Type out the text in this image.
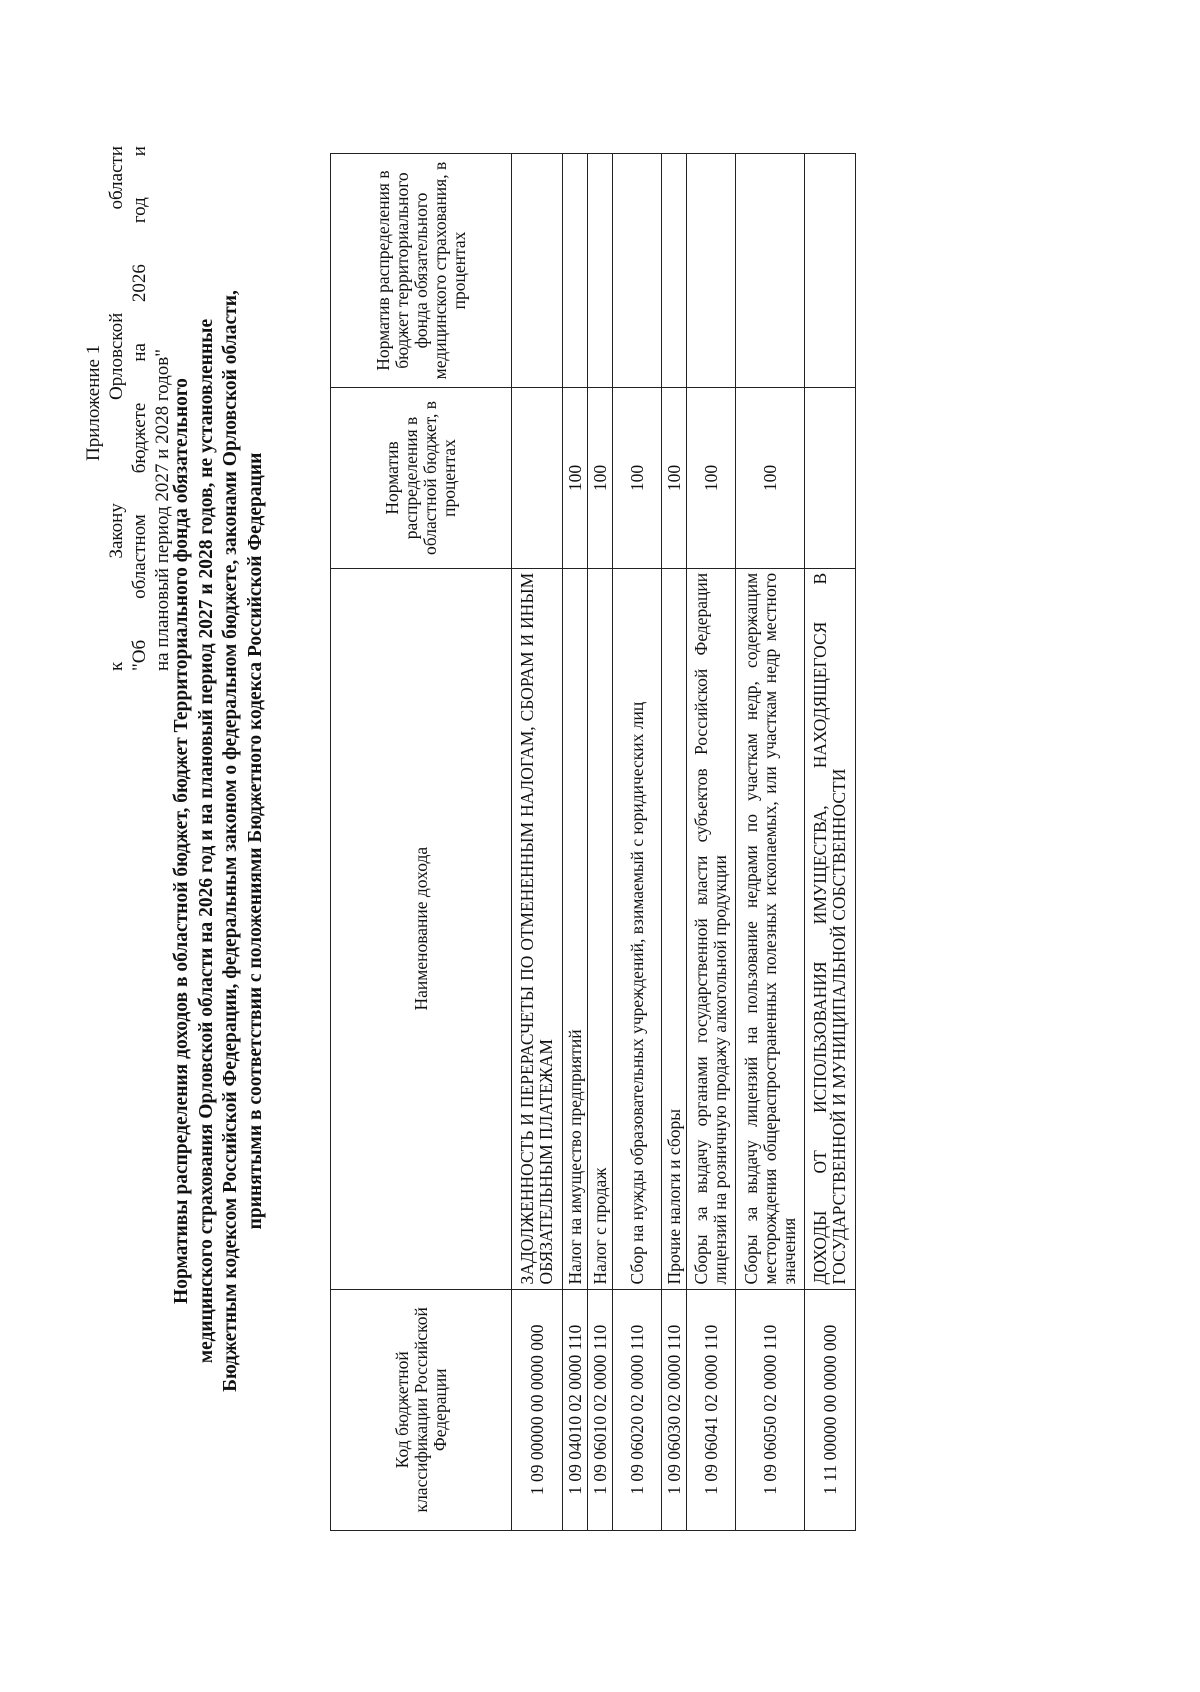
Приложение 1
к
Закону
Орловской
области
"Об
областном
бюджете
на
2026
год
и
на плановый период 2027 и 2028 годов"
Нормативы распределения доходов в областной бюджет, бюджет Территориального фонда обязательного медицинского страхования Орловской области на 2026 год и на плановый период 2027 и 2028 годов, не установленные Бюджетным кодексом Российской Федерации, федеральным законом о федеральном бюджете, законами Орловской области, принятыми в соответствии с положениями Бюджетного кодекса Российской Федерации
Код бюджетной классификации Российской Федерации	Наименование дохода	Норматив распределения в областной бюджет, в процентах	Норматив распределения в бюджет территориального фонда обязательного медицинского страхования, в процентах
1 09 00000 00 0000 000	ЗАДОЛЖЕННОСТЬ И ПЕРЕРАСЧЕТЫ ПО ОТМЕНЕННЫМ НАЛОГАМ, СБОРАМ И ИНЫМ ОБЯЗАТЕЛЬНЫМ ПЛАТЕЖАМ		
1 09 04010 02 0000 110	Налог на имущество предприятий	100	
1 09 06010 02 0000 110	Налог с продаж	100	
1 09 06020 02 0000 110	Сбор на нужды образовательных учреждений, взимаемый с юридических лиц	100	
1 09 06030 02 0000 110	Прочие налоги и сборы	100	
1 09 06041 02 0000 110	Сборы за выдачу органами государственной власти субъектов Российской Федерации лицензий на розничную продажу алкогольной продукции	100	
1 09 06050 02 0000 110	Сборы за выдачу лицензий на пользование недрами по участкам недр, содержащим месторождения общераспространенных полезных ископаемых, или участкам недр местного значения	100	
1 11 00000 00 0000 000	ДОХОДЫ ОТ ИСПОЛЬЗОВАНИЯ ИМУЩЕСТВА, НАХОДЯЩЕГОСЯ В ГОСУДАРСТВЕННОЙ И МУНИЦИПАЛЬНОЙ СОБСТВЕННОСТИ		
